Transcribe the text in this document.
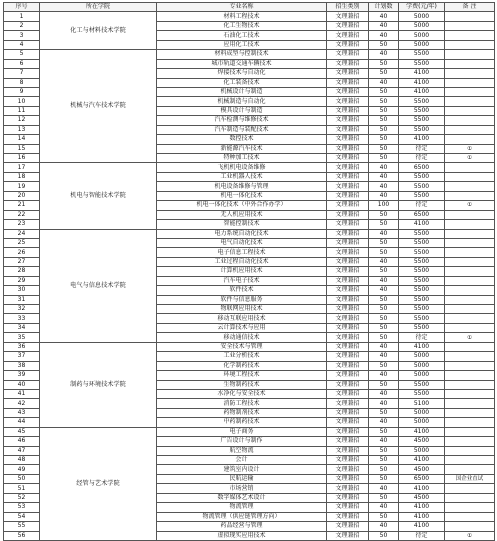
序号	所在学院	专业名称	招生类别	计划数	学费(元/年)	备 注
1	化工与材料技术学院	材料工程技术	文理兼招	40	5000	
2		化工生物技术	文理兼招	40	5000	
3		石油化工技术	文理兼招	40	5000	
4		应用化工技术	文理兼招	50	5000	
5	机械与汽车技术学院	材料成型与控制技术	文理兼招	40	5500	
6		城市轨道交通车辆技术	文理兼招	50	5500	
7		焊接技术与自动化	文理兼招	50	4100	
8		化工装备技术	文理兼招	40	4100	
9		机械设计与制造	文理兼招	50	4100	
10		机械制造与自动化	文理兼招	50	5500	
11		模具设计与制造	文理兼招	50	5500	
12		汽车检测与维修技术	文理兼招	50	5500	
13		汽车制造与装配技术	文理兼招	50	5500	
14		数控技术	文理兼招	50	4100	
15		新能源汽车技术	文理兼招	50	待定	①
16		特种加工技术	文理兼招	50	待定	①
17	机电与智能技术学院	飞机机电设备维修	文理兼招	40	6500	
18		工业机器人技术	文理兼招	40	5500	
19		机电设备维修与管理	文理兼招	40	5500	
20		机电一体化技术	文理兼招	40	5500	
21		机电一体化技术（中外合作办学）	文理兼招	100	待定	①
22		无人机应用技术	文理兼招	50	6500	
23		智能控制技术	文理兼招	50	4100	
24	电气与信息技术学院	电力系统自动化技术	文理兼招	40	5500	
25		电气自动化技术	文理兼招	50	5500	
26		电子信息工程技术	文理兼招	50	5500	
27		工业过程自动化技术	文理兼招	40	5500	
28		计算机应用技术	文理兼招	50	5500	
29		汽车电子技术	文理兼招	40	5500	
30		软件技术	文理兼招	40	5500	
31		软件与信息服务	文理兼招	50	5500	
32		物联网应用技术	文理兼招	50	5500	
33		移动互联应用技术	文理兼招	50	5500	
34		云计算技术与应用	文理兼招	50	5500	
35		移动通信技术	文理兼招	50	待定	①
36	制药与环境技术学院	安全技术与管理	文理兼招	40	4100	
37		工业分析技术	文理兼招	40	5000	
38		化学制药技术	文理兼招	50	5000	
39		环境工程技术	文理兼招	40	5000	
40		生物制药技术	文理兼招	50	5500	
41		水净化与安全技术	文理兼招	40	5500	
42		消防工程技术	文理兼招	40	5100	
43		药物制剂技术	文理兼招	50	5000	
44		中药制药技术	文理兼招	40	5000	
45	经管与艺术学院	电子商务	文理兼招	50	4100	
46		广告设计与制作	文理兼招	40	4500	
47		航空物流	文理兼招	50	5000	
48		会计	文理兼招	50	4100	
49		建筑室内设计	文理兼招	50	4500	
50		民航运输	文理兼招	50	6500	国企业直试
51		市场营销	文理兼招	40	4100	
52		数字媒体艺术设计	文理兼招	50	4500	
53		物流管理	文理兼招	40	4100	
54		物流管理（供应链管理方向）	文理兼招	50	4100	
55		药品经营与管理	文理兼招	40	4100	
56		虚拟现实应用技术	文理兼招	50	待定	①
